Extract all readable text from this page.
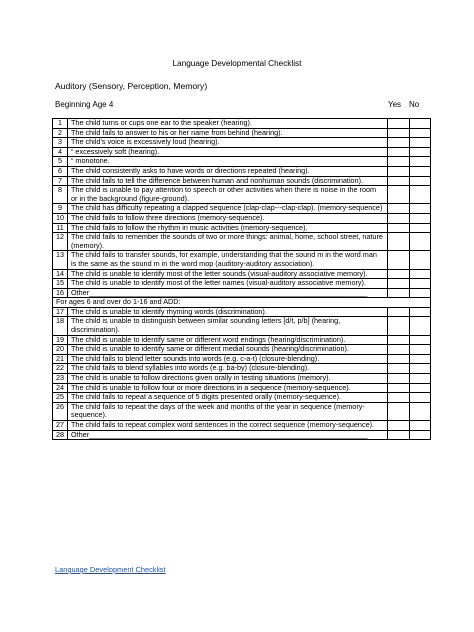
Language Developmental Checklist
Auditory (Sensory, Perception, Memory)
Beginning Age 4	Yes No
1	The child turns or cups one ear to the speaker (hearing).		
2	The child fails to answer to his or her name from behind (hearing).		
3	The child’s voice is excessively loud (hearing).		
4	“ excessively soft (hearing).		
5	“ monotone.		
6	The child consistently asks to have words or directions repeated (hearing).		
7	The child fails to tell the difference between human and nonhuman sounds (discrimination).		
8	The child is unable to pay attention to speech or other activities when there is noise in the room or in the background (figure-ground).		
9	The child has difficulty repeating a clapped sequence (clap-clap---clap-clap). (memory-sequence)		
10	The child fails to follow three directions (memory-sequence).		
11	The child fails to follow the rhythm in music activities (memory-sequence).		
12	The child fails to remember the sounds of two or more things: animal, home, school street, nature (memory).		
13	The child fails to transfer sounds, for example, understanding that the sound m in the word man is the same as the sound m in the word mop (auditory-auditory association).		
14	The child is unable to identify most of the letter sounds (visual-auditory associative memory).		
15	The child is unable to identify most of the letter names (visual-auditory associative memory).		
16	Other_____________________________________________________________________		
For ages 6 and over do 1-16 and ADD:			
17	The child is unable to identify rhyming words (discrimination).		
18	The child is unable to distinguish between similar sounding letters [d/t, p/b] (hearing, discrimination).		
19	The child is unable to identify same or different word endings (hearing/discrimination).		
20	The child is unable to identify same or different medial sounds (hearing/discrimination).		
21	The child fails to blend letter sounds into words (e.g. c-a-t) (closure-blending).		
22	The child fails to blend syllables into words (e.g. ba-by) (closure-blending).		
23	The child is unable to follow directions given orally in testing situations (memory).		
24	The child is unable to follow four or more directions in a sequence (memory-sequence).		
25	The child fails to repeat a sequence of 5 digits presented orally (memory-sequence).		
26	The child fails to repeat the days of the week and months of the year in sequence (memory-sequence).		
27	The child fails to repeat complex word sentences in the correct sequence (memory-sequence).		
28	Other_____________________________________________________________________		
Language Development Checklist
